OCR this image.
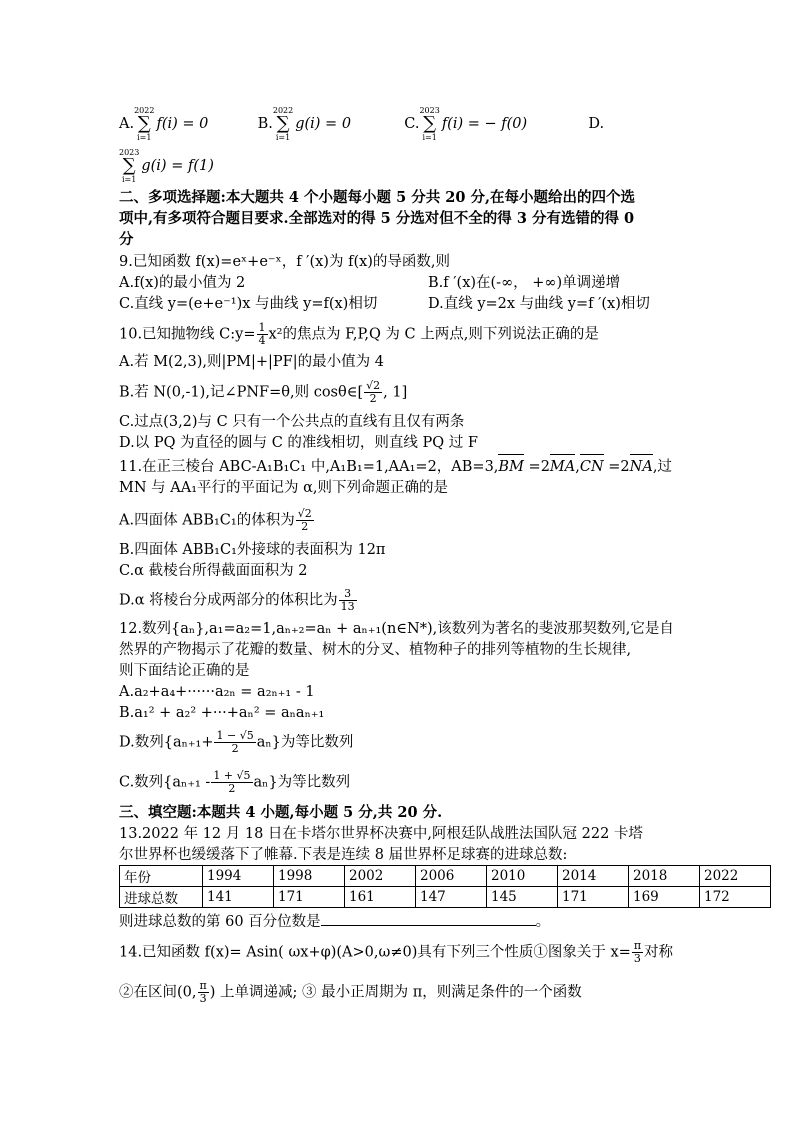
A.
2022
∑
i=1
f(i) = 0	B.
2022
∑
i=1
g(i) = 0	C.
2023
∑
i=1
f(i) = − f(0)	D.
2023
∑
i=1
g(i) = f(1)
二、多项选择题:本大题共 4 个小题每小题 5 分共 20 分,在每小题给出的四个选
项中,有多项符合题目要求.全部选对的得 5 分选对但不全的得 3 分有选错的得 0
分
9.已知函数 f(x)=eˣ+e⁻ˣ，f ′(x)为 f(x)的导函数,则
A.f(x)的最小值为 2	B.f ′(x)在(-∞， +∞)单调递增
C.直线 y=(e+e⁻¹)x 与曲线 y=f(x)相切	D.直线 y=2x 与曲线 y=f ′(x)相切
10.已知抛物线 C:y= $\frac{1}{4} x^2$的焦点为 F,P,Q 为 C 上两点,则下列说法正确的是
A.若 M(2,3),则|PM|+|PF|的最小值为 4
B.若 N(0,-1),记∠PNF=θ,则 cosθ∈[ $\frac{√2}{2}$ , 1]
C.过点(3,2)与 C 只有一个公共点的直线有且仅有两条
D.以 PQ 为直径的圆与 C 的准线相切，则直线 PQ 过 F
11.在正三棱台 ABC-A₁B₁C₁ 中,A₁B₁=1,AA₁=2，AB=3,BM =2MA,CN =2NA,过
MN 与 AA₁平行的平面记为 α,则下列命题正确的是
A.四面体 ABB₁C₁的体积为 $\frac{√2}{2}$
B.四面体 ABB₁C₁外接球的表面积为 12π
C.α 截棱台所得截面面积为 2
D.α 将棱台分成两部分的体积比为 $\frac{3}{13}$
12.数列{aₙ},a₁=a₂=1,aₙ₊₂=aₙ + aₙ₊₁(n∈N*),该数列为著名的斐波那契数列,它是自
然界的产物揭示了花瓣的数量、树木的分叉、植物种子的排列等植物的生长规律,
则下面结论正确的是
A.a₂+a₄+······a₂ₙ = a₂ₙ₊₁ - 1
B.a₁² + a₂² +···+aₙ² = aₙaₙ₊₁
D.数列$\{a_{n+1}+ \frac{1 - √5}{2} a_n\}$为等比数列
C.数列$\{a_{n+1} - \frac{1 + √5}{2} a_n\}$为等比数列
三、填空题:本题共 4 小题,每小题 5 分,共 20 分.
13.2022 年 12 月 18 日在卡塔尔世界杯决赛中,阿根廷队战胜法国队冠 222 卡塔
尔世界杯也缓缓落下了帷幕.下表是连续 8 届世界杯足球赛的进球总数:
年份	1994	1998	2002	2006	2010	2014	2018	2022
进球总数	141	171	161	147	145	171	169	172
则进球总数的第 60 百分位数是	。
14.已知函数 f(x)= Asin( ωx+φ)(A>0,ω≠0)具有下列三个性质①图象关于 $x= \frac{\pi}{3}$ 对称
②在区间(0, $\frac{\pi}{3}$ ) 上单调递减; ③ 最小正周期为 π，则满足条件的一个函数
